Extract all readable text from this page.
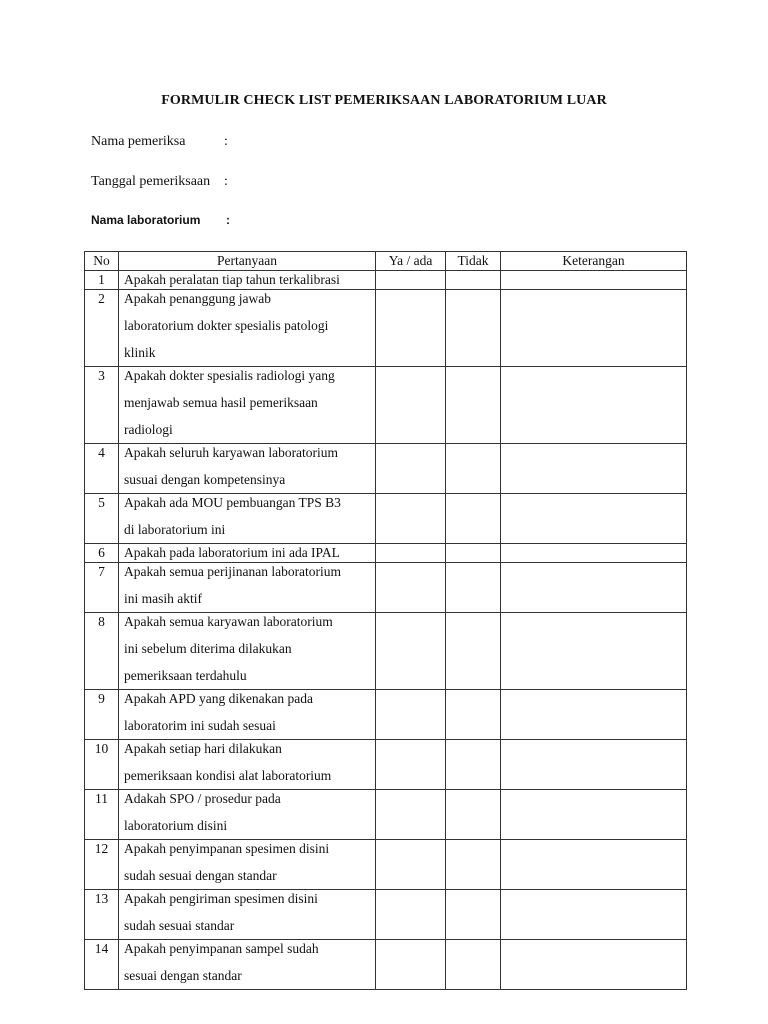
FORMULIR CHECK LIST PEMERIKSAAN LABORATORIUM LUAR
Nama pemeriksa	:
Tanggal pemeriksaan :
Nama laboratorium :
No	Pertanyaan	Ya / ada	Tidak	Keterangan
1	Apakah peralatan tiap tahun terkalibrasi			

2	Apakah penanggung jawab
laboratorium dokter spesialis patologi
klinik			

3	Apakah dokter spesialis radiologi yang
menjawab semua hasil pemeriksaan
radiologi			

4	Apakah seluruh karyawan laboratorium
susuai dengan kompetensinya			

5	Apakah ada MOU pembuangan TPS B3
di laboratorium ini			

6	Apakah pada laboratorium ini ada IPAL			

7	Apakah semua perijinanan laboratorium
ini masih aktif			

8	Apakah semua karyawan laboratorium
ini sebelum diterima dilakukan
pemeriksaan terdahulu			

9	Apakah APD yang dikenakan pada
laboratorim ini sudah sesuai			

10	Apakah setiap hari dilakukan
pemeriksaan kondisi alat laboratorium			

11	Adakah SPO / prosedur pada
laboratorium disini			

12	Apakah penyimpanan spesimen disini
sudah sesuai dengan standar			

13	Apakah pengiriman spesimen disini
sudah sesuai standar			

14	Apakah penyimpanan sampel sudah
sesuai dengan standar			
